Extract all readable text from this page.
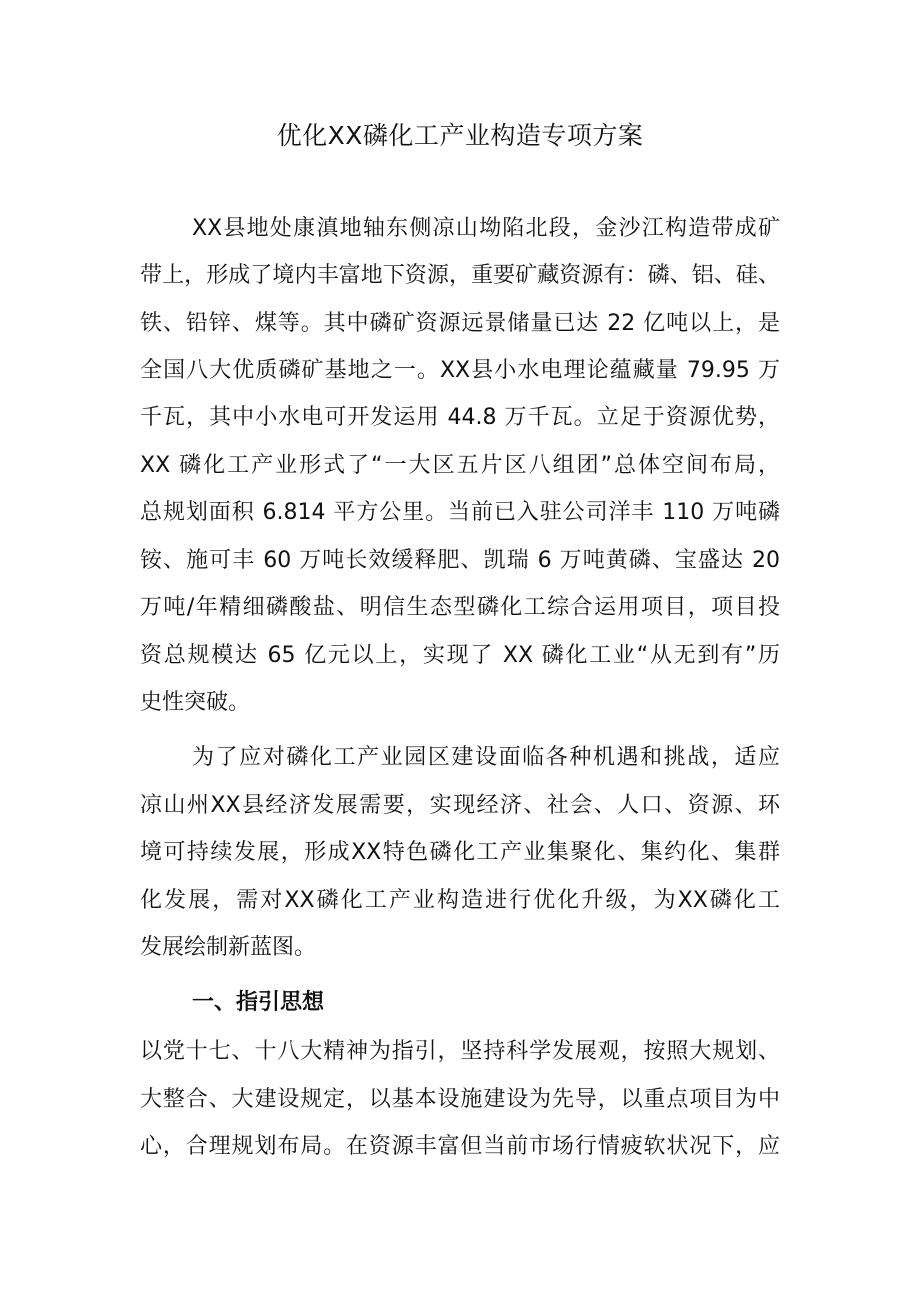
优化XX磷化工产业构造专项方案

XX县地处康滇地轴东侧凉山坳陷北段，金沙江构造带成矿

带上，形成了境内丰富地下资源，重要矿藏资源有：磷、铝、硅、

铁、铅锌、煤等。其中磷矿资源远景储量已达 22 亿吨以上，是

全国八大优质磷矿基地之一。XX县小水电理论蕴藏量 79.95 万

千瓦，其中小水电可开发运用 44.8 万千瓦。立足于资源优势，

XX 磷化工产业形式了“一大区五片区八组团”总体空间布局，

总规划面积 6.814 平方公里。当前已入驻公司洋丰 110 万吨磷

铵、施可丰 60 万吨长效缓释肥、凯瑞 6 万吨黄磷、宝盛达 20

万吨/年精细磷酸盐、明信生态型磷化工综合运用项目，项目投

资总规模达 65 亿元以上，实现了 XX 磷化工业“从无到有”历

史性突破。

为了应对磷化工产业园区建设面临各种机遇和挑战，适应

凉山州XX县经济发展需要，实现经济、社会、人口、资源、环

境可持续发展，形成XX特色磷化工产业集聚化、集约化、集群

化发展，需对XX磷化工产业构造进行优化升级，为XX磷化工

发展绘制新蓝图。

一、指引思想

以党十七、十八大精神为指引，坚持科学发展观，按照大规划、

大整合、大建设规定，以基本设施建设为先导，以重点项目为中

心，合理规划布局。在资源丰富但当前市场行情疲软状况下，应
